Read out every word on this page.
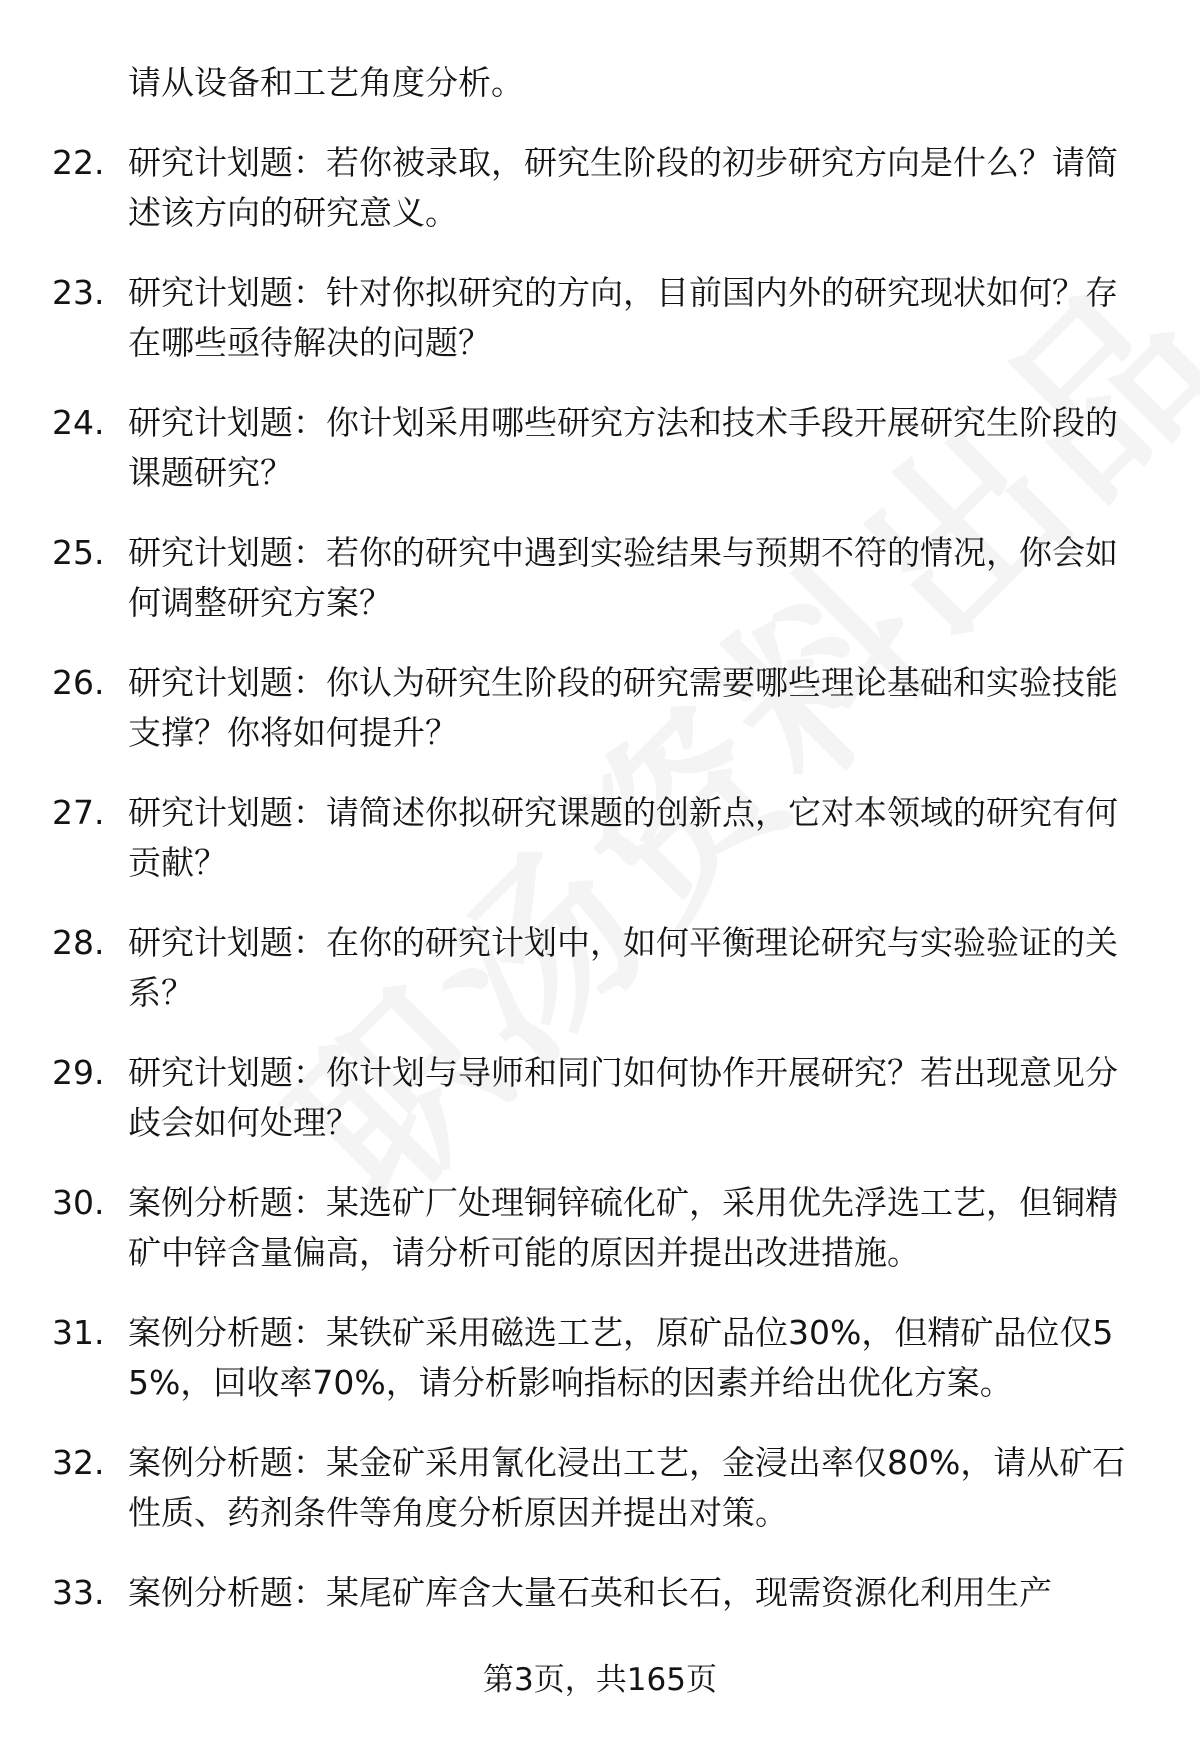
请从设备和工艺角度分析。
22. 研究计划题：若你被录取，研究生阶段的初步研究方向是什么？请简述该方向的研究意义。
23. 研究计划题：针对你拟研究的方向，目前国内外的研究现状如何？存在哪些亟待解决的问题？
24. 研究计划题：你计划采用哪些研究方法和技术手段开展研究生阶段的课题研究？
25. 研究计划题：若你的研究中遇到实验结果与预期不符的情况，你会如何调整研究方案？
26. 研究计划题：你认为研究生阶段的研究需要哪些理论基础和实验技能支撑？你将如何提升？
27. 研究计划题：请简述你拟研究课题的创新点，它对本领域的研究有何贡献？
28. 研究计划题：在你的研究计划中，如何平衡理论研究与实验验证的关系？
29. 研究计划题：你计划与导师和同门如何协作开展研究？若出现意见分歧会如何处理？
30. 案例分析题：某选矿厂处理铜锌硫化矿，采用优先浮选工艺，但铜精矿中锌含量偏高，请分析可能的原因并提出改进措施。
31. 案例分析题：某铁矿采用磁选工艺，原矿品位30%，但精矿品位仅55%，回收率70%，请分析影响指标的因素并给出优化方案。
32. 案例分析题：某金矿采用氰化浸出工艺，金浸出率仅80%，请从矿石性质、药剂条件等角度分析原因并提出对策。
33. 案例分析题：某尾矿库含大量石英和长石，现需资源化利用生产
第3页，共165页
